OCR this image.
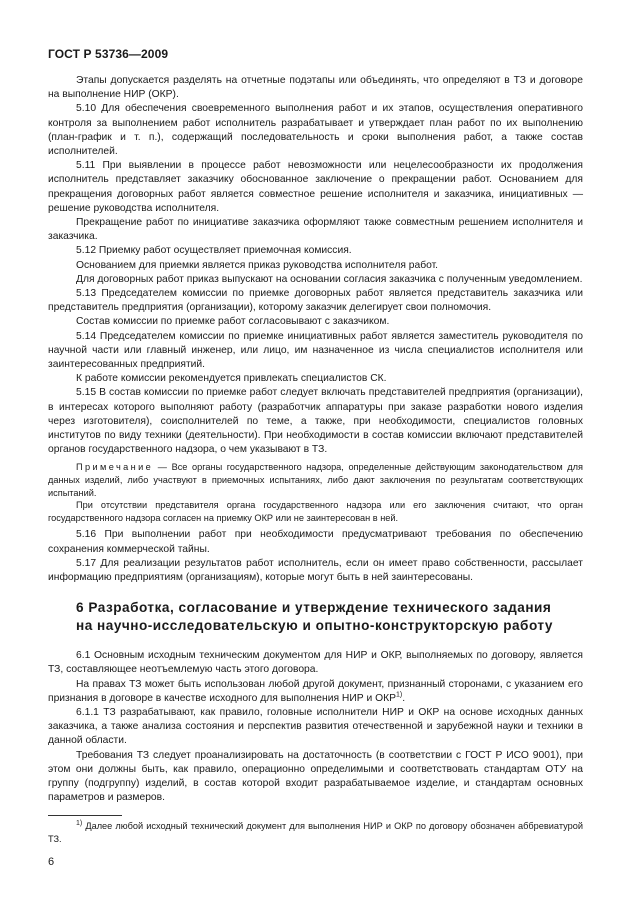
ГОСТ Р 53736—2009

Этапы допускается разделять на отчетные подэтапы или объединять, что определяют в ТЗ и договоре на выполнение НИР (ОКР).

5.10 Для обеспечения своевременного выполнения работ и их этапов, осуществления оперативного контроля за выполнением работ исполнитель разрабатывает и утверждает план работ по их выполнению (план-график и т. п.), содержащий последовательность и сроки выполнения работ, а также состав исполнителей.

5.11 При выявлении в процессе работ невозможности или нецелесообразности их продолжения исполнитель представляет заказчику обоснованное заключение о прекращении работ. Основанием для прекращения договорных работ является совместное решение исполнителя и заказчика, инициативных — решение руководства исполнителя.

Прекращение работ по инициативе заказчика оформляют также совместным решением исполнителя и заказчика.

5.12 Приемку работ осуществляет приемочная комиссия.

Основанием для приемки является приказ руководства исполнителя работ.

Для договорных работ приказ выпускают на основании согласия заказчика с полученным уведомлением.

5.13 Председателем комиссии по приемке договорных работ является представитель заказчика или представитель предприятия (организации), которому заказчик делегирует свои полномочия.

Состав комиссии по приемке работ согласовывают с заказчиком.

5.14 Председателем комиссии по приемке инициативных работ является заместитель руководителя по научной части или главный инженер, или лицо, им назначенное из числа специалистов исполнителя или заинтересованных предприятий.

К работе комиссии рекомендуется привлекать специалистов СК.

5.15 В состав комиссии по приемке работ следует включать представителей предприятия (организации), в интересах которого выполняют работу (разработчик аппаратуры при заказе разработки нового изделия через изготовителя), соисполнителей по теме, а также, при необходимости, специалистов головных институтов по виду техники (деятельности). При необходимости в состав комиссии включают представителей органов государственного надзора, о чем указывают в ТЗ.

Примечание — Все органы государственного надзора, определенные действующим законодательством для данных изделий, либо участвуют в приемочных испытаниях, либо дают заключения по результатам соответствующих испытаний.

При отсутствии представителя органа государственного надзора или его заключения считают, что орган государственного надзора согласен на приемку ОКР или не заинтересован в ней.

5.16 При выполнении работ при необходимости предусматривают требования по обеспечению сохранения коммерческой тайны.

5.17 Для реализации результатов работ исполнитель, если он имеет право собственности, рассылает информацию предприятиям (организациям), которые могут быть в ней заинтересованы.

6 Разработка, согласование и утверждение технического задания
на научно-исследовательскую и опытно-конструкторскую работу

6.1 Основным исходным техническим документом для НИР и ОКР, выполняемых по договору, является ТЗ, составляющее неотъемлемую часть этого договора.

На правах ТЗ может быть использован любой другой документ, признанный сторонами, с указанием его признания в договоре в качестве исходного для выполнения НИР и ОКР$^{1)}$.

6.1.1 ТЗ разрабатывают, как правило, головные исполнители НИР и ОКР на основе исходных данных заказчика, а также анализа состояния и перспектив развития отечественной и зарубежной науки и техники в данной области.

Требования ТЗ следует проанализировать на достаточность (в соответствии с ГОСТ Р ИСО 9001), при этом они должны быть, как правило, операционно определимыми и соответствовать стандартам ОТУ на группу (подгруппу) изделий, в состав которой входит разрабатываемое изделие, и стандартам основных параметров и размеров.

$^{1)}$ Далее любой исходный технический документ для выполнения НИР и ОКР по договору обозначен аббревиатурой ТЗ.

6
